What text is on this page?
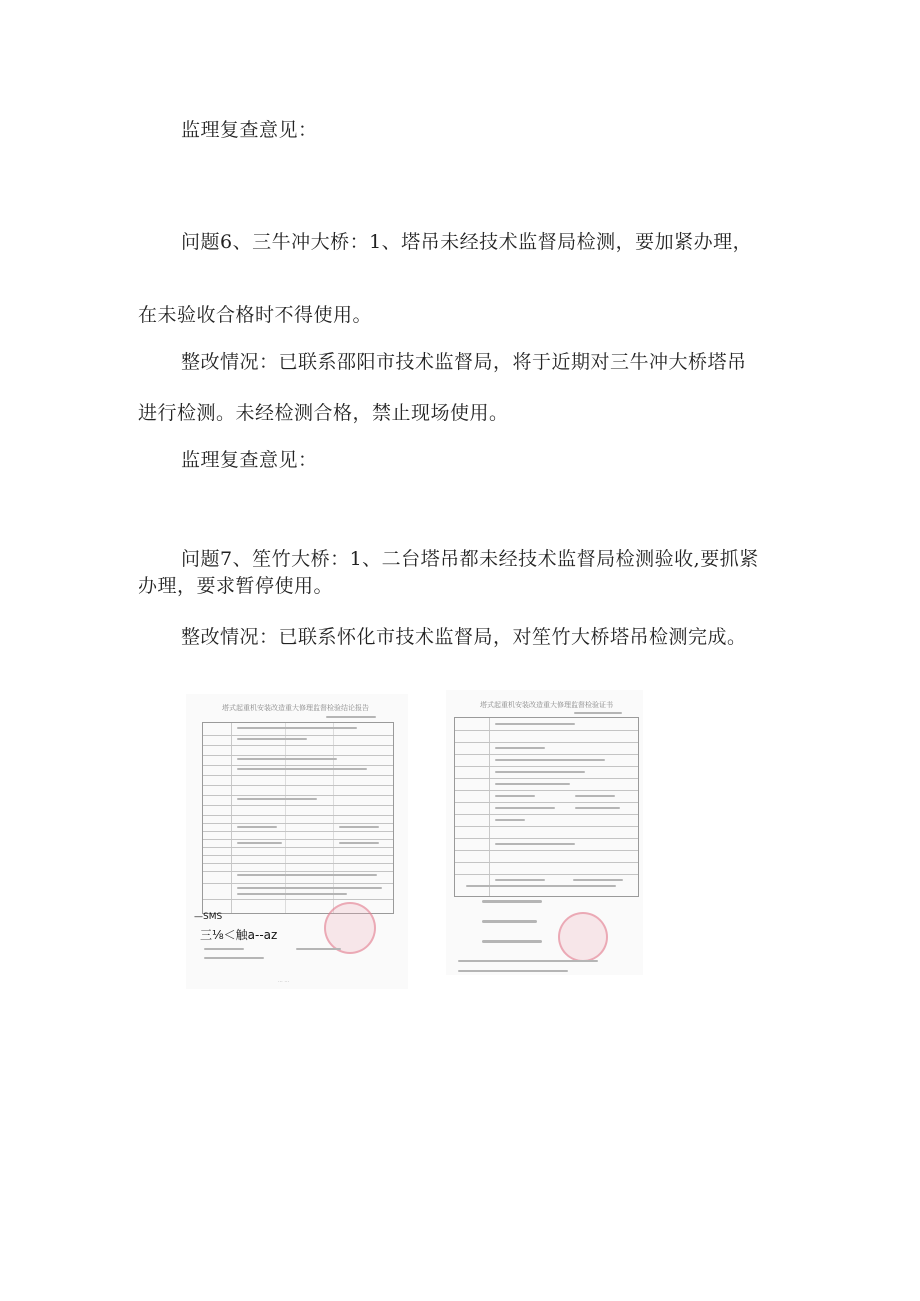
监理复查意见：
问题6、三牛冲大桥：1、塔吊未经技术监督局检测，要加紧办理，
在未验收合格时不得使用。
整改情况：已联系邵阳市技术监督局，将于近期对三牛冲大桥塔吊
进行检测。未经检测合格，禁止现场使用。
监理复查意见：
问题7、笙竹大桥：1、二台塔吊都未经技术监督局检测验收,要抓紧
办理，要求暂停使用。
整改情况：已联系怀化市技术监督局，对笙竹大桥塔吊检测完成。
塔式起重机安装改造重大修理监督检验结论报告
—SMS
三⅛＜触a--az
··· ···
塔式起重机安装改造重大修理监督检验证书
